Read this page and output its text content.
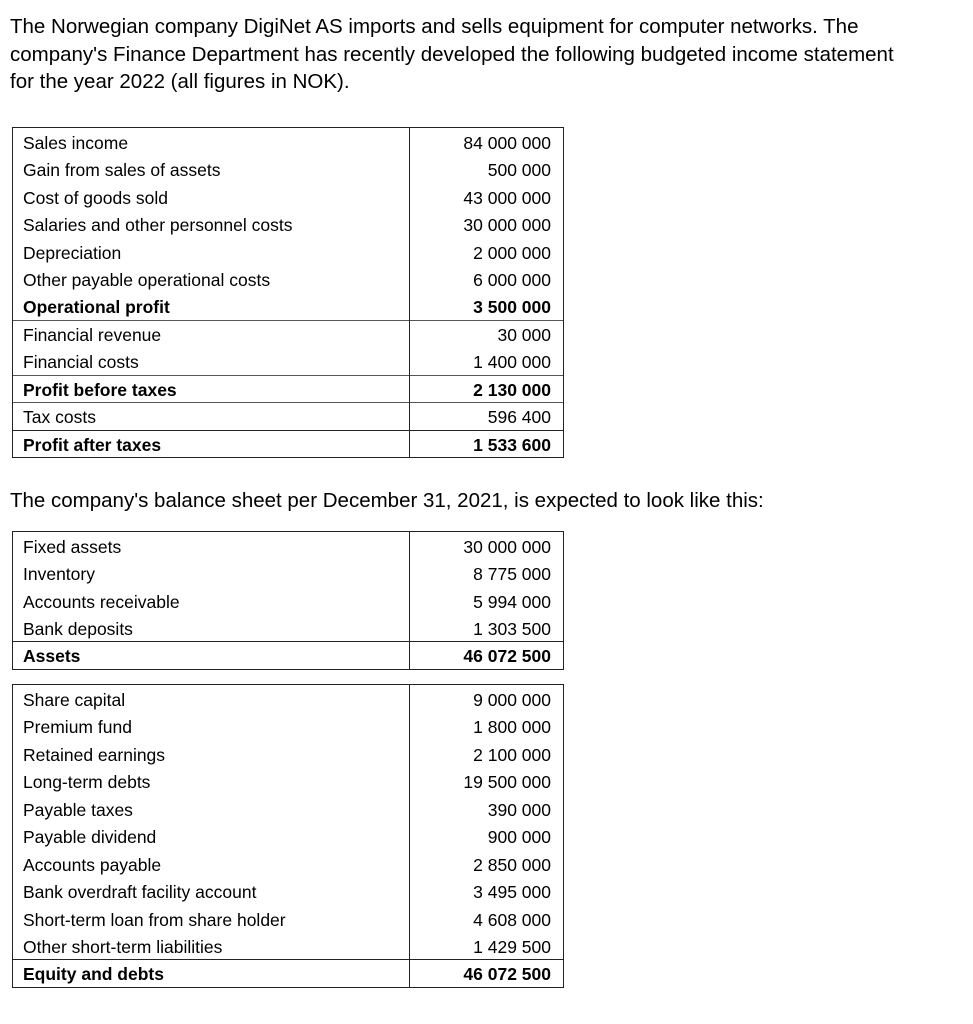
The Norwegian company DigiNet AS imports and sells equipment for computer networks. The
company's Finance Department has recently developed the following budgeted income statement
for the year 2022 (all figures in NOK).

Sales income	84 000 000
Gain from sales of assets	500 000
Cost of goods sold	43 000 000
Salaries and other personnel costs	30 000 000
Depreciation	2 000 000
Other payable operational costs	6 000 000
Operational profit	3 500 000
Financial revenue	30 000
Financial costs	1 400 000
Profit before taxes	2 130 000
Tax costs	596 400
Profit after taxes	1 533 600

The company's balance sheet per December 31, 2021, is expected to look like this:

Fixed assets	30 000 000
Inventory	8 775 000
Accounts receivable	5 994 000
Bank deposits	1 303 500
Assets	46 072 500
Share capital	9 000 000
Premium fund	1 800 000
Retained earnings	2 100 000
Long-term debts	19 500 000
Payable taxes	390 000
Payable dividend	900 000
Accounts payable	2 850 000
Bank overdraft facility account	3 495 000
Short-term loan from share holder	4 608 000
Other short-term liabilities	1 429 500
Equity and debts	46 072 500
